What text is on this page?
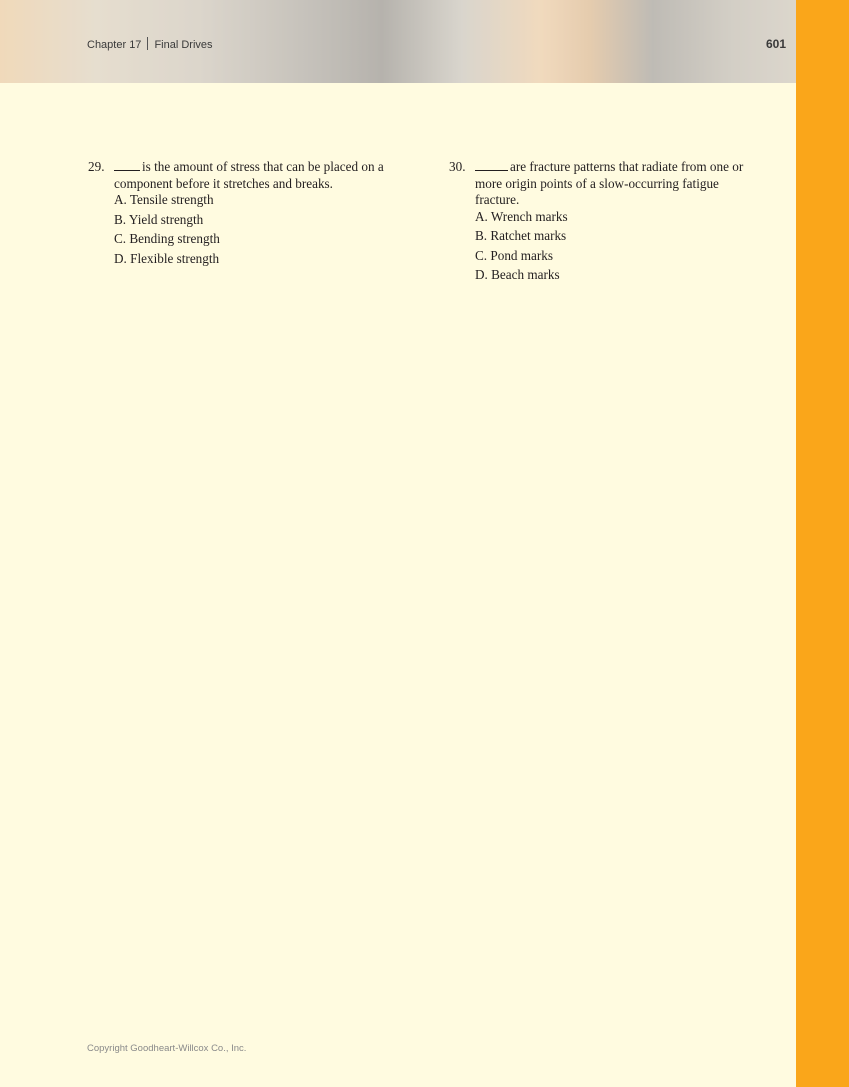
Chapter 17 Final Drives	601
29.	is the amount of stress that can be placed on a component before it stretches and breaks.
A. Tensile strength
B. Yield strength
C. Bending strength
D. Flexible strength
30.	are fracture patterns that radiate from one or more origin points of a slow-occurring fatigue fracture.
A. Wrench marks
B. Ratchet marks
C. Pond marks
D. Beach marks
Copyright Goodheart-Willcox Co., Inc.
